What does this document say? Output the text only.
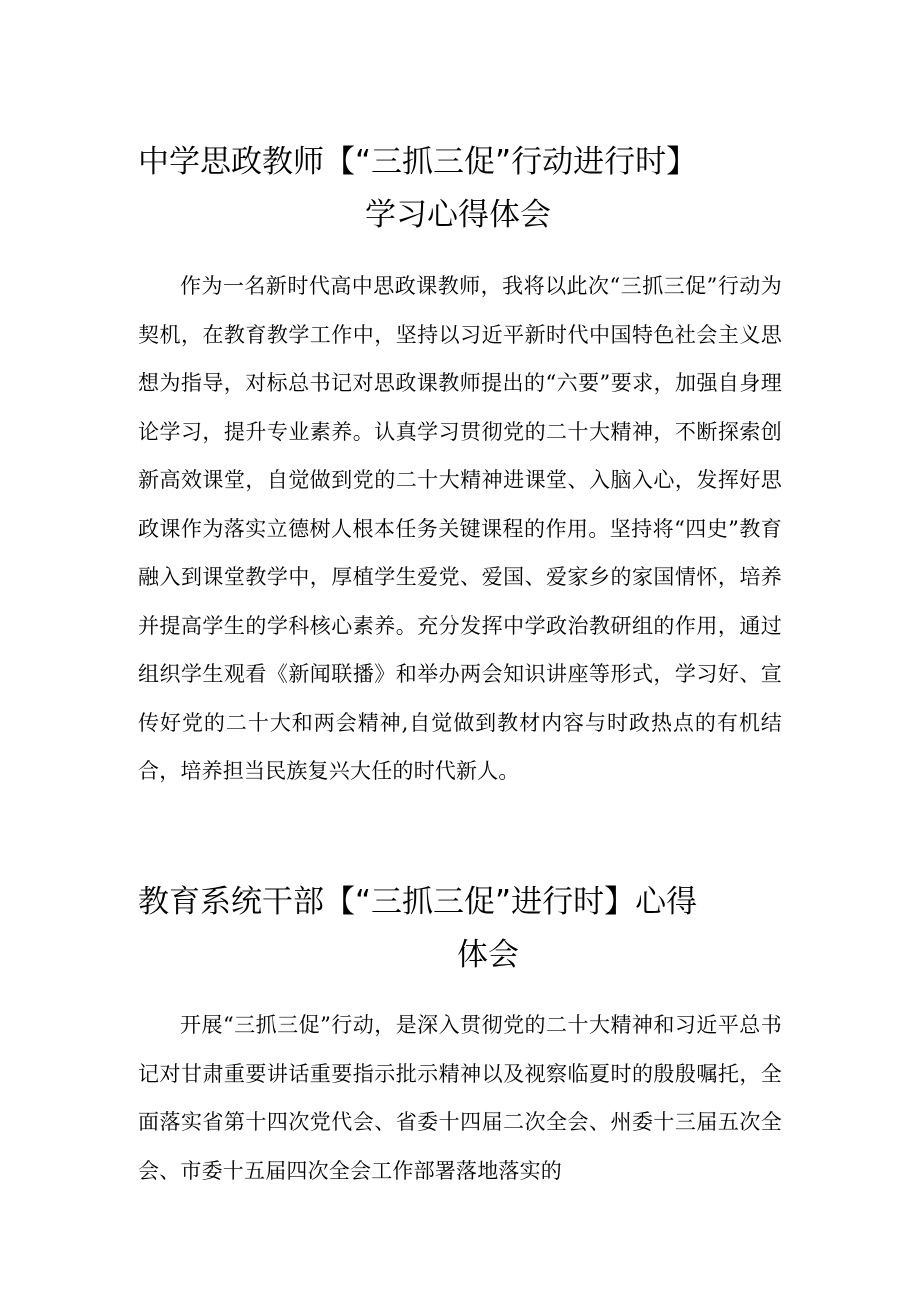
中学思政教师【“三抓三促”行动进行时】
学习心得体会

作为一名新时代高中思政课教师，我将以此次“三抓三促”行动为契机，在教育教学工作中，坚持以习近平新时代中国特色社会主义思想为指导，对标总书记对思政课教师提出的“六要”要求，加强自身理论学习，提升专业素养。认真学习贯彻党的二十大精神，不断探索创新高效课堂，自觉做到党的二十大精神进课堂、入脑入心，发挥好思政课作为落实立德树人根本任务关键课程的作用。坚持将“四史”教育融入到课堂教学中，厚植学生爱党、爱国、爱家乡的家国情怀，培养并提高学生的学科核心素养。充分发挥中学政治教研组的作用，通过组织学生观看《新闻联播》和举办两会知识讲座等形式，学习好、宣传好党的二十大和两会精神,自觉做到教材内容与时政热点的有机结合，培养担当民族复兴大任的时代新人。

教育系统干部【“三抓三促”进行时】心得
体会

开展“三抓三促”行动，是深入贯彻党的二十大精神和习近平总书记对甘肃重要讲话重要指示批示精神以及视察临夏时的殷殷嘱托，全面落实省第十四次党代会、省委十四届二次全会、州委十三届五次全会、市委十五届四次全会工作部署落地落实的
